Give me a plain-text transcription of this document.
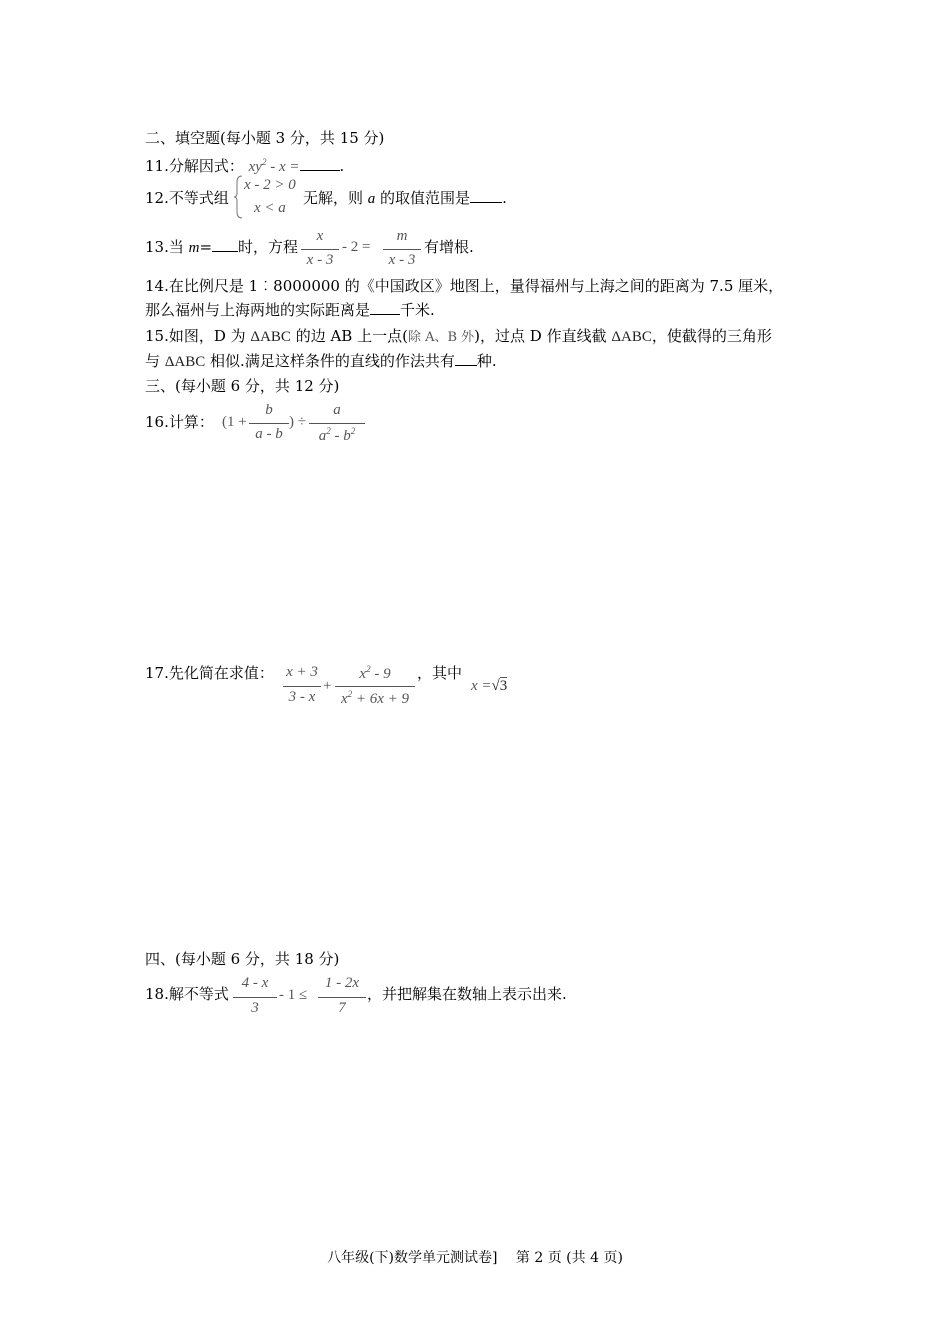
二、填空题(每小题 3 分，共 15 分)
11.分解因式： $xy^2$ - x =	.
12.不等式组
x - 2 > 0
x < a
无解，则 a 的取值范围是 .
13.当 m= 时，方程
x
x - 3
- 2 =
m
x - 3
有增根.
14.在比例尺是 1︰8000000 的《中国政区》地图上，量得福州与上海之间的距离为 7.5 厘米，
那么福州与上海两地的实际距离是 千米.
15.如图，D 为 ΔABC 的边 AB 上一点(除 A、B 外)，过点 D 作直线截 ΔABC，使截得的三角形
与 ΔABC 相似.满足这样条件的直线的作法共有 种.
三、(每小题 6 分，共 12 分)
16.计算： (1 +
b
a - b
) ÷
a
$a^2 - b^2$
17.先化简在求值： x + 3
3 - x
+
$x^2 - 9$
$x^2 + 6x + 9$
，其中
x =√3
四、(每小题 6 分，共 18 分)
18.解不等式
4 - x
3
- 1 ≤
1 - 2x
7
，并把解集在数轴上表示出来.
八年级(下)数学单元测试卷]　 第 2 页 (共 4 页)
